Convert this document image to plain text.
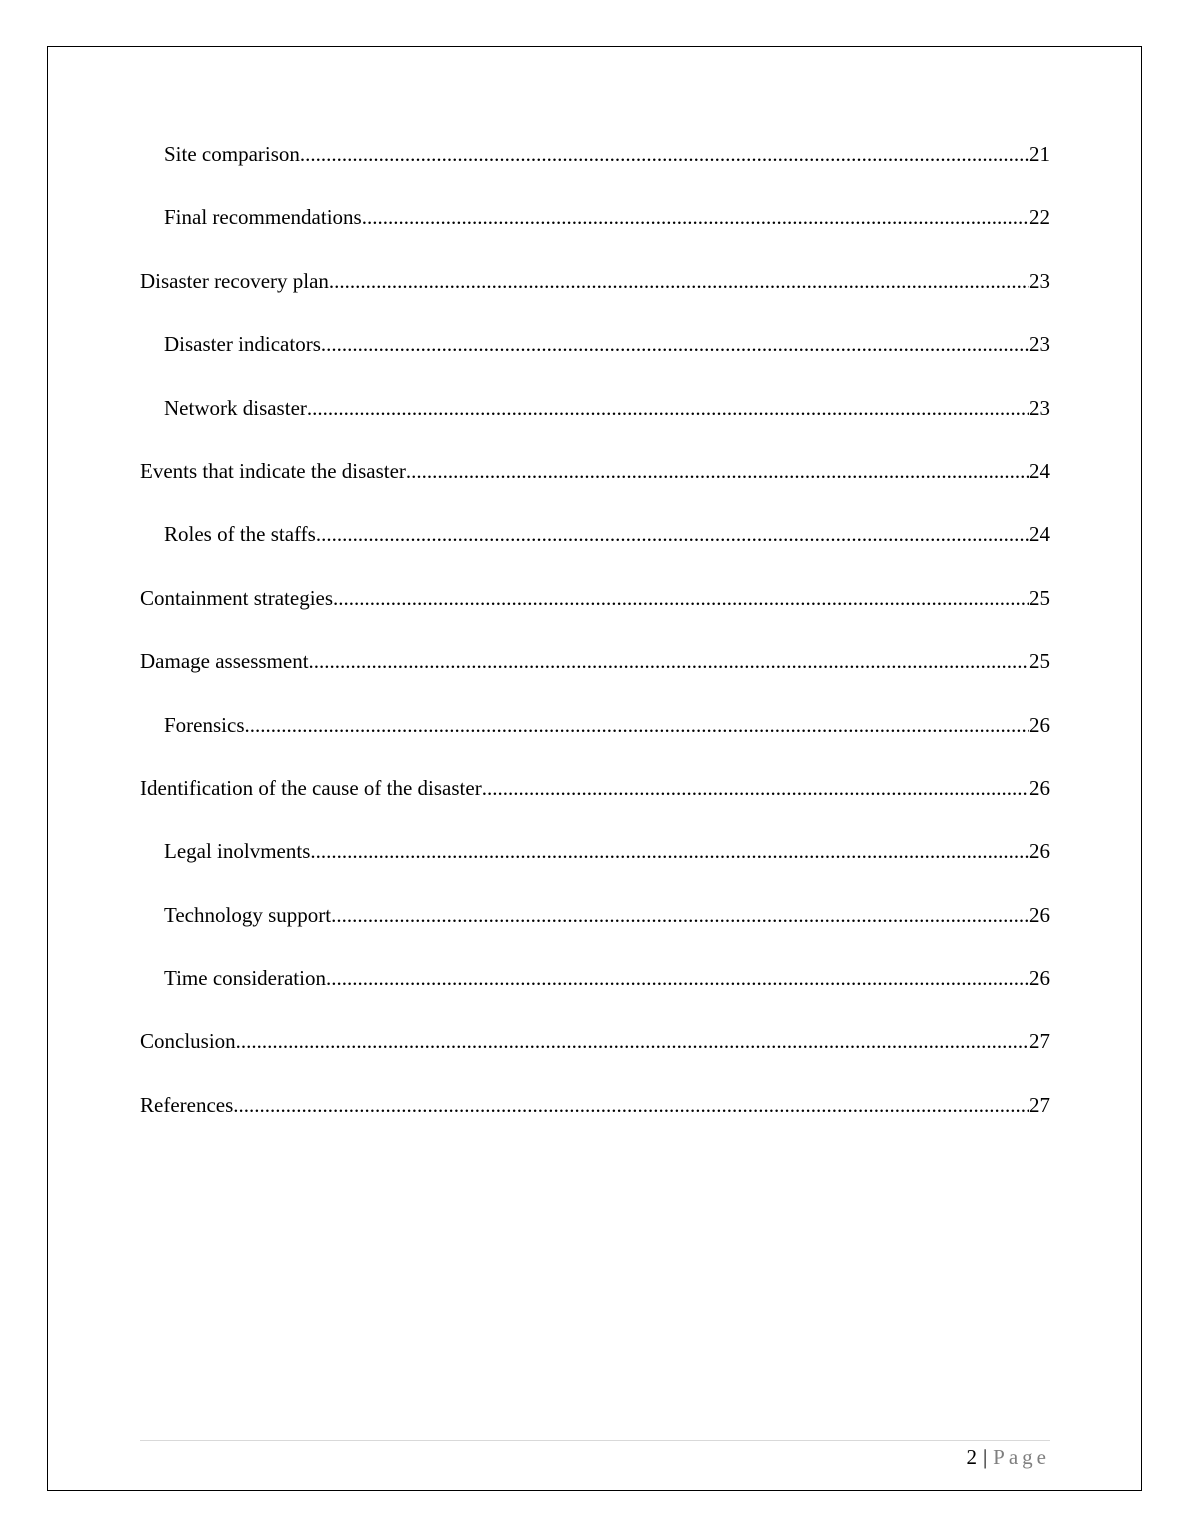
Site comparison .....	21
Final recommendations .....	22
Disaster recovery plan .....	23
Disaster indicators .....	23
Network disaster .....	23
Events that indicate the disaster .....	24
Roles of the staffs .....	24
Containment strategies .....	25
Damage assessment .....	25
Forensics .....	26
Identification of the cause of the disaster .....	26
Legal inolvments .....	26
Technology support .....	26
Time consideration .....	26
Conclusion .....	27
References .....	27
2 | Page
